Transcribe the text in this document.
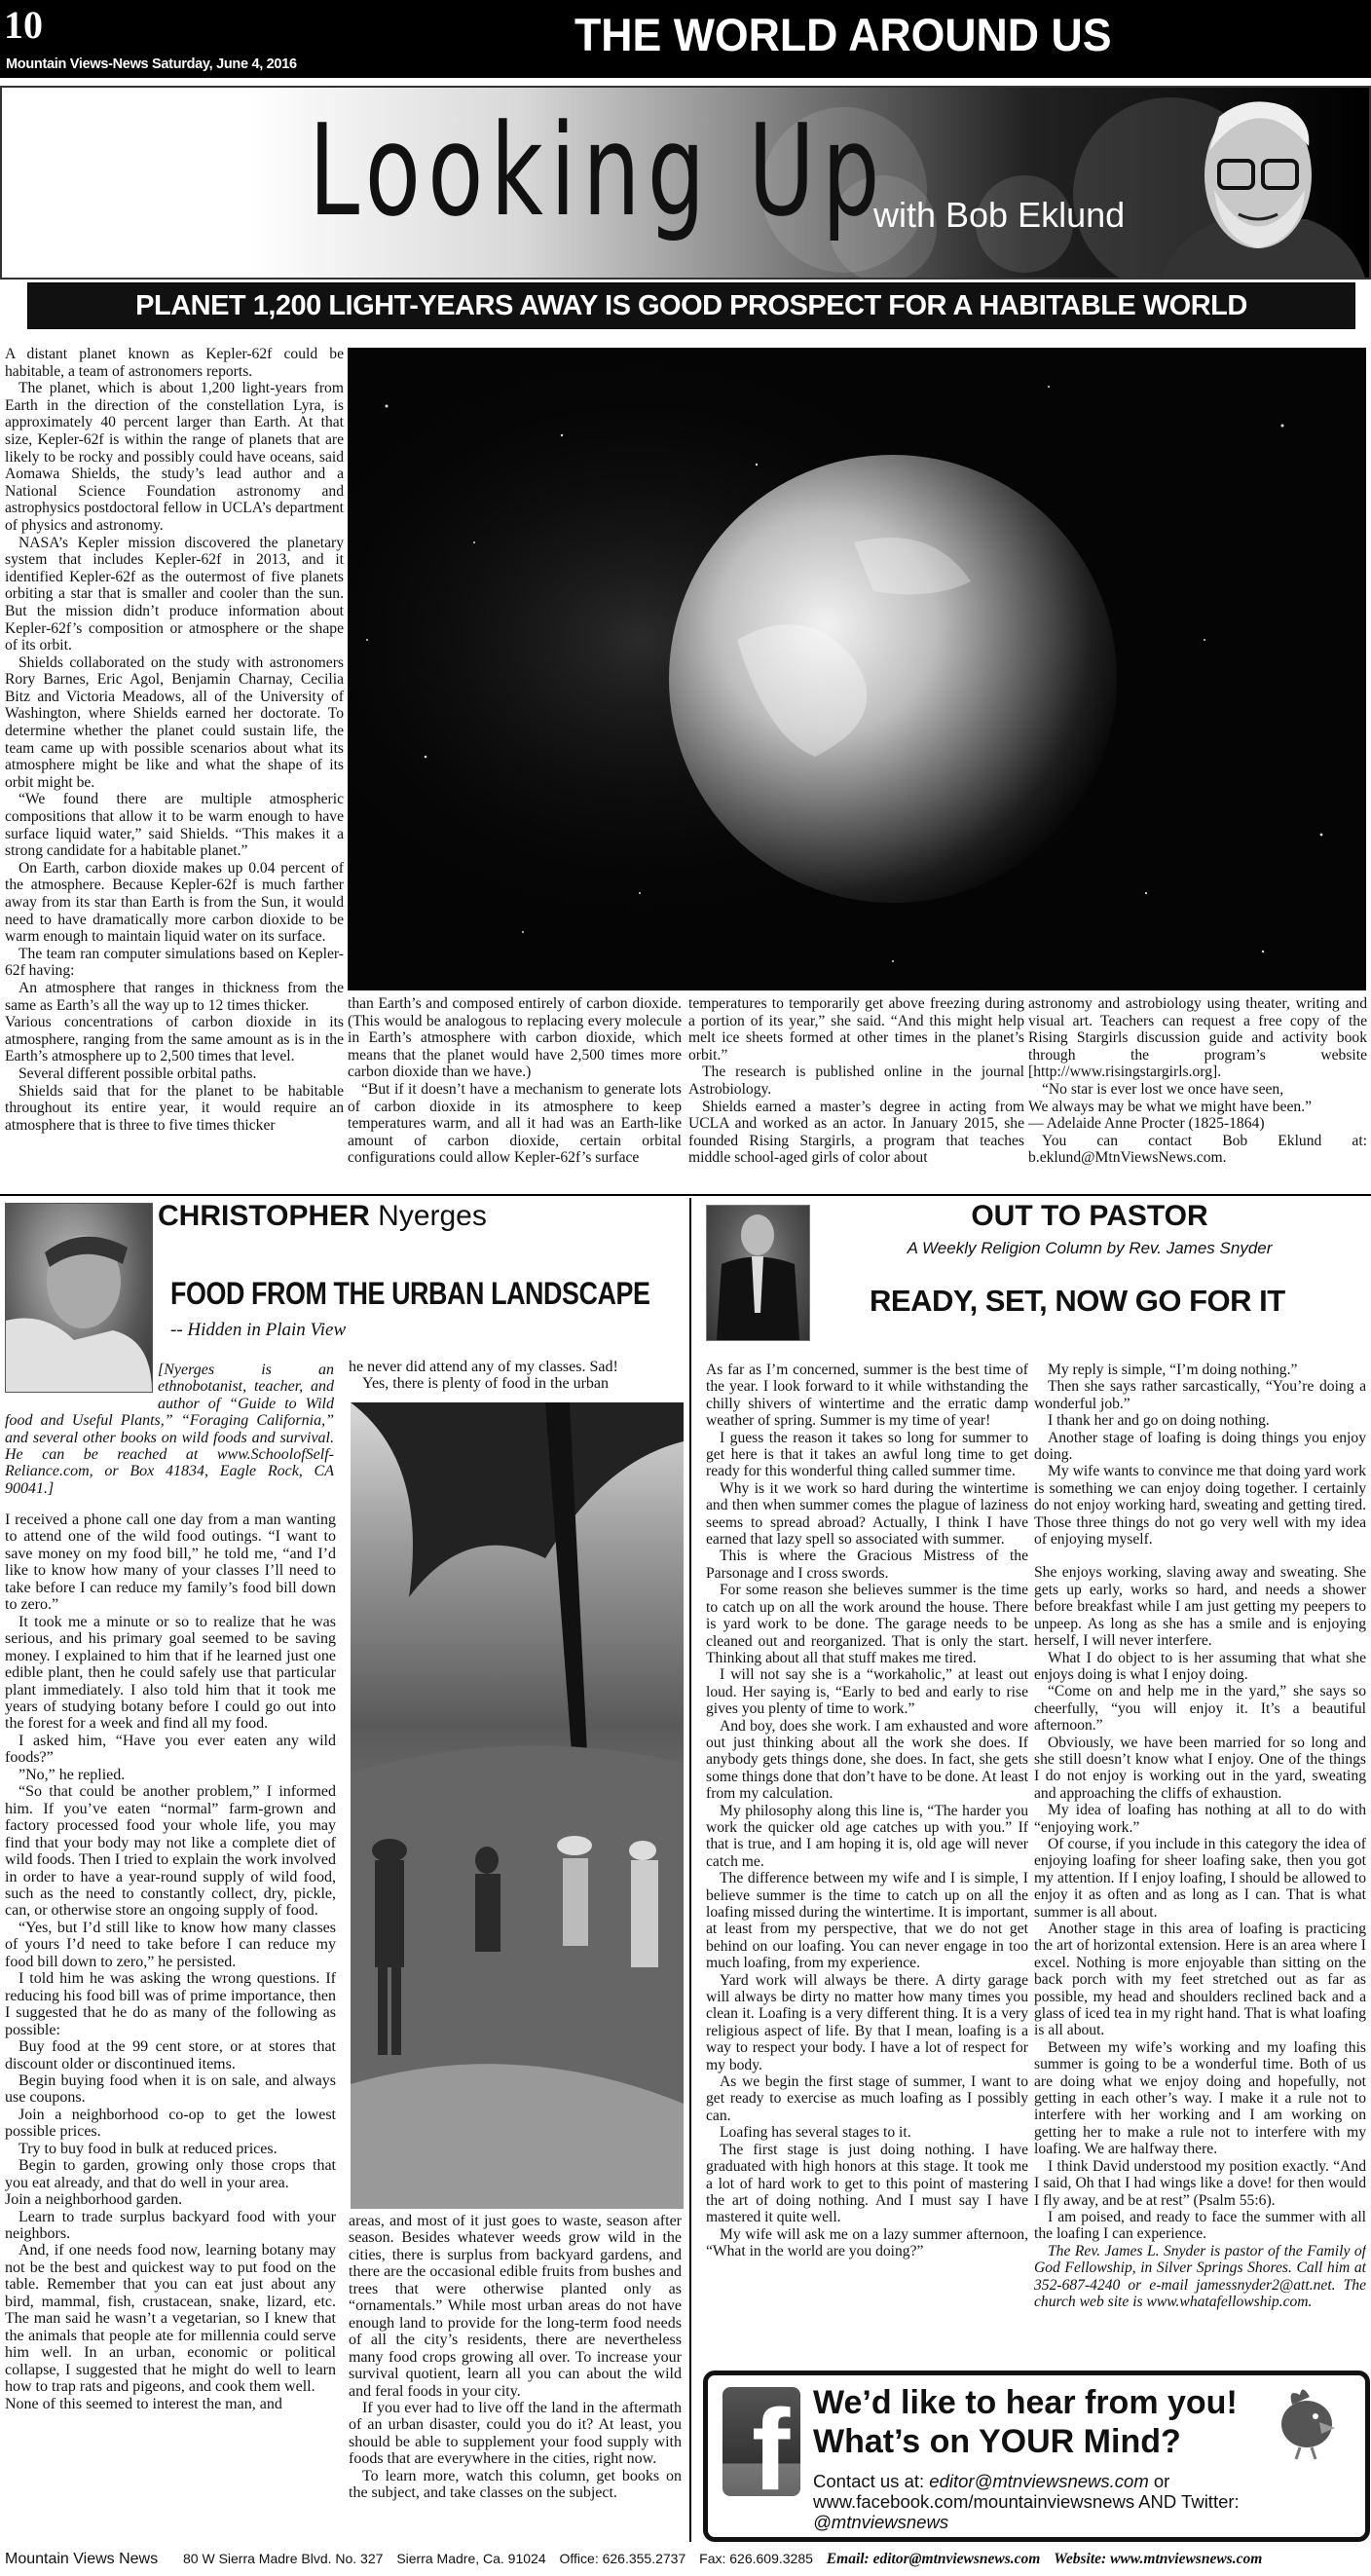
10
Mountain Views-News Saturday, June 4, 2016
THE WORLD AROUND US
Looking Up
with Bob Eklund
PLANET 1,200 LIGHT-YEARS AWAY IS GOOD PROSPECT FOR A HABITABLE WORLD

A distant planet known as Kepler-62f could be habitable, a team of astronomers reports.

The planet, which is about 1,200 light-years from Earth in the direction of the constellation Lyra, is approximately 40 percent larger than Earth. At that size, Kepler-62f is within the range of planets that are likely to be rocky and possibly could have oceans, said Aomawa Shields, the study’s lead author and a National Science Foundation astronomy and astrophysics postdoctoral fellow in UCLA’s department of physics and astronomy.

NASA’s Kepler mission discovered the planetary system that includes Kepler-62f in 2013, and it identified Kepler-62f as the outermost of five planets orbiting a star that is smaller and cooler than the sun. But the mission didn’t produce information about Kepler-62f’s composition or atmosphere or the shape of its orbit.

Shields collaborated on the study with astronomers Rory Barnes, Eric Agol, Benjamin Charnay, Cecilia Bitz and Victoria Meadows, all of the University of Washington, where Shields earned her doctorate. To determine whether the planet could sustain life, the team came up with possible scenarios about what its atmosphere might be like and what the shape of its orbit might be.

“We found there are multiple atmospheric compositions that allow it to be warm enough to have surface liquid water,” said Shields. “This makes it a strong candidate for a habitable planet.”

On Earth, carbon dioxide makes up 0.04 percent of the atmosphere. Because Kepler-62f is much farther away from its star than Earth is from the Sun, it would need to have dramatically more carbon dioxide to be warm enough to maintain liquid water on its surface.

The team ran computer simulations based on Kepler-62f having:

An atmosphere that ranges in thickness from the same as Earth’s all the way up to 12 times thicker.

Various concentrations of carbon dioxide in its atmosphere, ranging from the same amount as is in the Earth’s atmosphere up to 2,500 times that level.

Several different possible orbital paths.

Shields said that for the planet to be habitable throughout its entire year, it would require an atmosphere that is three to five times thicker

than Earth’s and composed entirely of carbon dioxide. (This would be analogous to replacing every molecule in Earth’s atmosphere with carbon dioxide, which means that the planet would have 2,500 times more carbon dioxide than we have.)

“But if it doesn’t have a mechanism to generate lots of carbon dioxide in its atmosphere to keep temperatures warm, and all it had was an Earth-like amount of carbon dioxide, certain orbital configurations could allow Kepler-62f’s surface

temperatures to temporarily get above freezing during a portion of its year,” she said. “And this might help melt ice sheets formed at other times in the planet’s orbit.”

The research is published online in the journal Astrobiology.

Shields earned a master’s degree in acting from UCLA and worked as an actor. In January 2015, she founded Rising Stargirls, a program that teaches middle school-aged girls of color about

astronomy and astrobiology using theater, writing and visual art. Teachers can request a free copy of the Rising Stargirls discussion guide and activity book through the program’s website [http://www.risingstargirls.org].

“No star is ever lost we once have seen,

We always may be what we might have been.”

— Adelaide Anne Procter (1825-1864)

You can contact Bob Eklund at: b.eklund@MtnViewsNews.com.

CHRISTOPHER Nyerges
FOOD FROM THE URBAN LANDSCAPE
-- Hidden in Plain View
[Nyerges is an ethnobotanist, teacher, and author of “Guide to Wild food and Useful Plants,” “Foraging California,” and several other books on wild foods and survival. He can be reached at www.SchoolofSelf-Reliance.com, or Box 41834, Eagle Rock, CA 90041.]

I received a phone call one day from a man wanting to attend one of the wild food outings. “I want to save money on my food bill,” he told me, “and I’d like to know how many of your classes I’ll need to take before I can reduce my family’s food bill down to zero.”

It took me a minute or so to realize that he was serious, and his primary goal seemed to be saving money. I explained to him that if he learned just one edible plant, then he could safely use that particular plant immediately. I also told him that it took me years of studying botany before I could go out into the forest for a week and find all my food.

I asked him, “Have you ever eaten any wild foods?”

”No,” he replied.

“So that could be another problem,” I informed him. If you’ve eaten “normal” farm-grown and factory processed food your whole life, you may find that your body may not like a complete diet of wild foods. Then I tried to explain the work involved in order to have a year-round supply of wild food, such as the need to constantly collect, dry, pickle, can, or otherwise store an ongoing supply of food.

“Yes, but I’d still like to know how many classes of yours I’d need to take before I can reduce my food bill down to zero,” he persisted.

I told him he was asking the wrong questions. If reducing his food bill was of prime importance, then I suggested that he do as many of the following as possible:

Buy food at the 99 cent store, or at stores that discount older or discontinued items.

Begin buying food when it is on sale, and always use coupons.

Join a neighborhood co-op to get the lowest possible prices.

Try to buy food in bulk at reduced prices.

Begin to garden, growing only those crops that you eat already, and that do well in your area.

Join a neighborhood garden.

Learn to trade surplus backyard food with your neighbors.

And, if one needs food now, learning botany may not be the best and quickest way to put food on the table. Remember that you can eat just about any bird, mammal, fish, crustacean, snake, lizard, etc. The man said he wasn’t a vegetarian, so I knew that the animals that people ate for millennia could serve him well. In an urban, economic or political collapse, I suggested that he might do well to learn how to trap rats and pigeons, and cook them well.

None of this seemed to interest the man, and

he never did attend any of my classes. Sad!

Yes, there is plenty of food in the urban

areas, and most of it just goes to waste, season after season. Besides whatever weeds grow wild in the cities, there is surplus from backyard gardens, and there are the occasional edible fruits from bushes and trees that were otherwise planted only as “ornamentals.” While most urban areas do not have enough land to provide for the long-term food needs of all the city’s residents, there are nevertheless many food crops growing all over. To increase your survival quotient, learn all you can about the wild and feral foods in your city.

If you ever had to live off the land in the aftermath of an urban disaster, could you do it? At least, you should be able to supplement your food supply with foods that are everywhere in the cities, right now.

To learn more, watch this column, get books on the subject, and take classes on the subject.

OUT TO PASTOR
A Weekly Religion Column by Rev. James Snyder
READY, SET, NOW GO FOR IT

As far as I’m concerned, summer is the best time of the year. I look forward to it while withstanding the chilly shivers of wintertime and the erratic damp weather of spring. Summer is my time of year!

I guess the reason it takes so long for summer to get here is that it takes an awful long time to get ready for this wonderful thing called summer time.

Why is it we work so hard during the wintertime and then when summer comes the plague of laziness seems to spread abroad? Actually, I think I have earned that lazy spell so associated with summer.

This is where the Gracious Mistress of the Parsonage and I cross swords.

For some reason she believes summer is the time to catch up on all the work around the house. There is yard work to be done. The garage needs to be cleaned out and reorganized. That is only the start. Thinking about all that stuff makes me tired.

I will not say she is a “workaholic,” at least out loud. Her saying is, “Early to bed and early to rise gives you plenty of time to work.”

And boy, does she work. I am exhausted and wore out just thinking about all the work she does. If anybody gets things done, she does. In fact, she gets some things done that don’t have to be done. At least from my calculation.

My philosophy along this line is, “The harder you work the quicker old age catches up with you.” If that is true, and I am hoping it is, old age will never catch me.

The difference between my wife and I is simple, I believe summer is the time to catch up on all the loafing missed during the wintertime. It is important, at least from my perspective, that we do not get behind on our loafing. You can never engage in too much loafing, from my experience.

Yard work will always be there. A dirty garage will always be dirty no matter how many times you clean it. Loafing is a very different thing. It is a very religious aspect of life. By that I mean, loafing is a way to respect your body. I have a lot of respect for my body.

As we begin the first stage of summer, I want to get ready to exercise as much loafing as I possibly can.

Loafing has several stages to it.

The first stage is just doing nothing. I have graduated with high honors at this stage. It took me a lot of hard work to get to this point of mastering the art of doing nothing. And I must say I have mastered it quite well.

My wife will ask me on a lazy summer afternoon, “What in the world are you doing?”

My reply is simple, “I’m doing nothing.”

Then she says rather sarcastically, “You’re doing a wonderful job.”

I thank her and go on doing nothing.

Another stage of loafing is doing things you enjoy doing.

My wife wants to convince me that doing yard work is something we can enjoy doing together. I certainly do not enjoy working hard, sweating and getting tired. Those three things do not go very well with my idea of enjoying myself.

She enjoys working, slaving away and sweating. She gets up early, works so hard, and needs a shower before breakfast while I am just getting my peepers to unpeep. As long as she has a smile and is enjoying herself, I will never interfere.

What I do object to is her assuming that what she enjoys doing is what I enjoy doing.

“Come on and help me in the yard,” she says so cheerfully, “you will enjoy it. It’s a beautiful afternoon.”

Obviously, we have been married for so long and she still doesn’t know what I enjoy. One of the things I do not enjoy is working out in the yard, sweating and approaching the cliffs of exhaustion.

My idea of loafing has nothing at all to do with “enjoying work.”

Of course, if you include in this category the idea of enjoying loafing for sheer loafing sake, then you got my attention. If I enjoy loafing, I should be allowed to enjoy it as often and as long as I can. That is what summer is all about.

Another stage in this area of loafing is practicing the art of horizontal extension. Here is an area where I excel. Nothing is more enjoyable than sitting on the back porch with my feet stretched out as far as possible, my head and shoulders reclined back and a glass of iced tea in my right hand. That is what loafing is all about.

Between my wife’s working and my loafing this summer is going to be a wonderful time. Both of us are doing what we enjoy doing and hopefully, not getting in each other’s way. I make it a rule not to interfere with her working and I am working on getting her to make a rule not to interfere with my loafing. We are halfway there.

I think David understood my position exactly. “And I said, Oh that I had wings like a dove! for then would I fly away, and be at rest” (Psalm 55:6).

I am poised, and ready to face the summer with all the loafing I can experience.

The Rev. James L. Snyder is pastor of the Family of God Fellowship, in Silver Springs Shores. Call him at 352-687-4240 or e-mail jamessnyder2@att.net. The church web site is www.whatafellowship.com.

f We’d like to hear from you!
What’s on YOUR Mind?
Contact us at: editor@mtnviewsnews.com or www.facebook.com/mountainviewsnews AND Twitter: @mtnviewsnews
Mountain Views News 80 W Sierra Madre Blvd. No. 327 Sierra Madre, Ca. 91024 Office: 626.355.2737 Fax: 626.609.3285 Email: editor@mtnviewsnews.com Website: www.mtnviewsnews.com
